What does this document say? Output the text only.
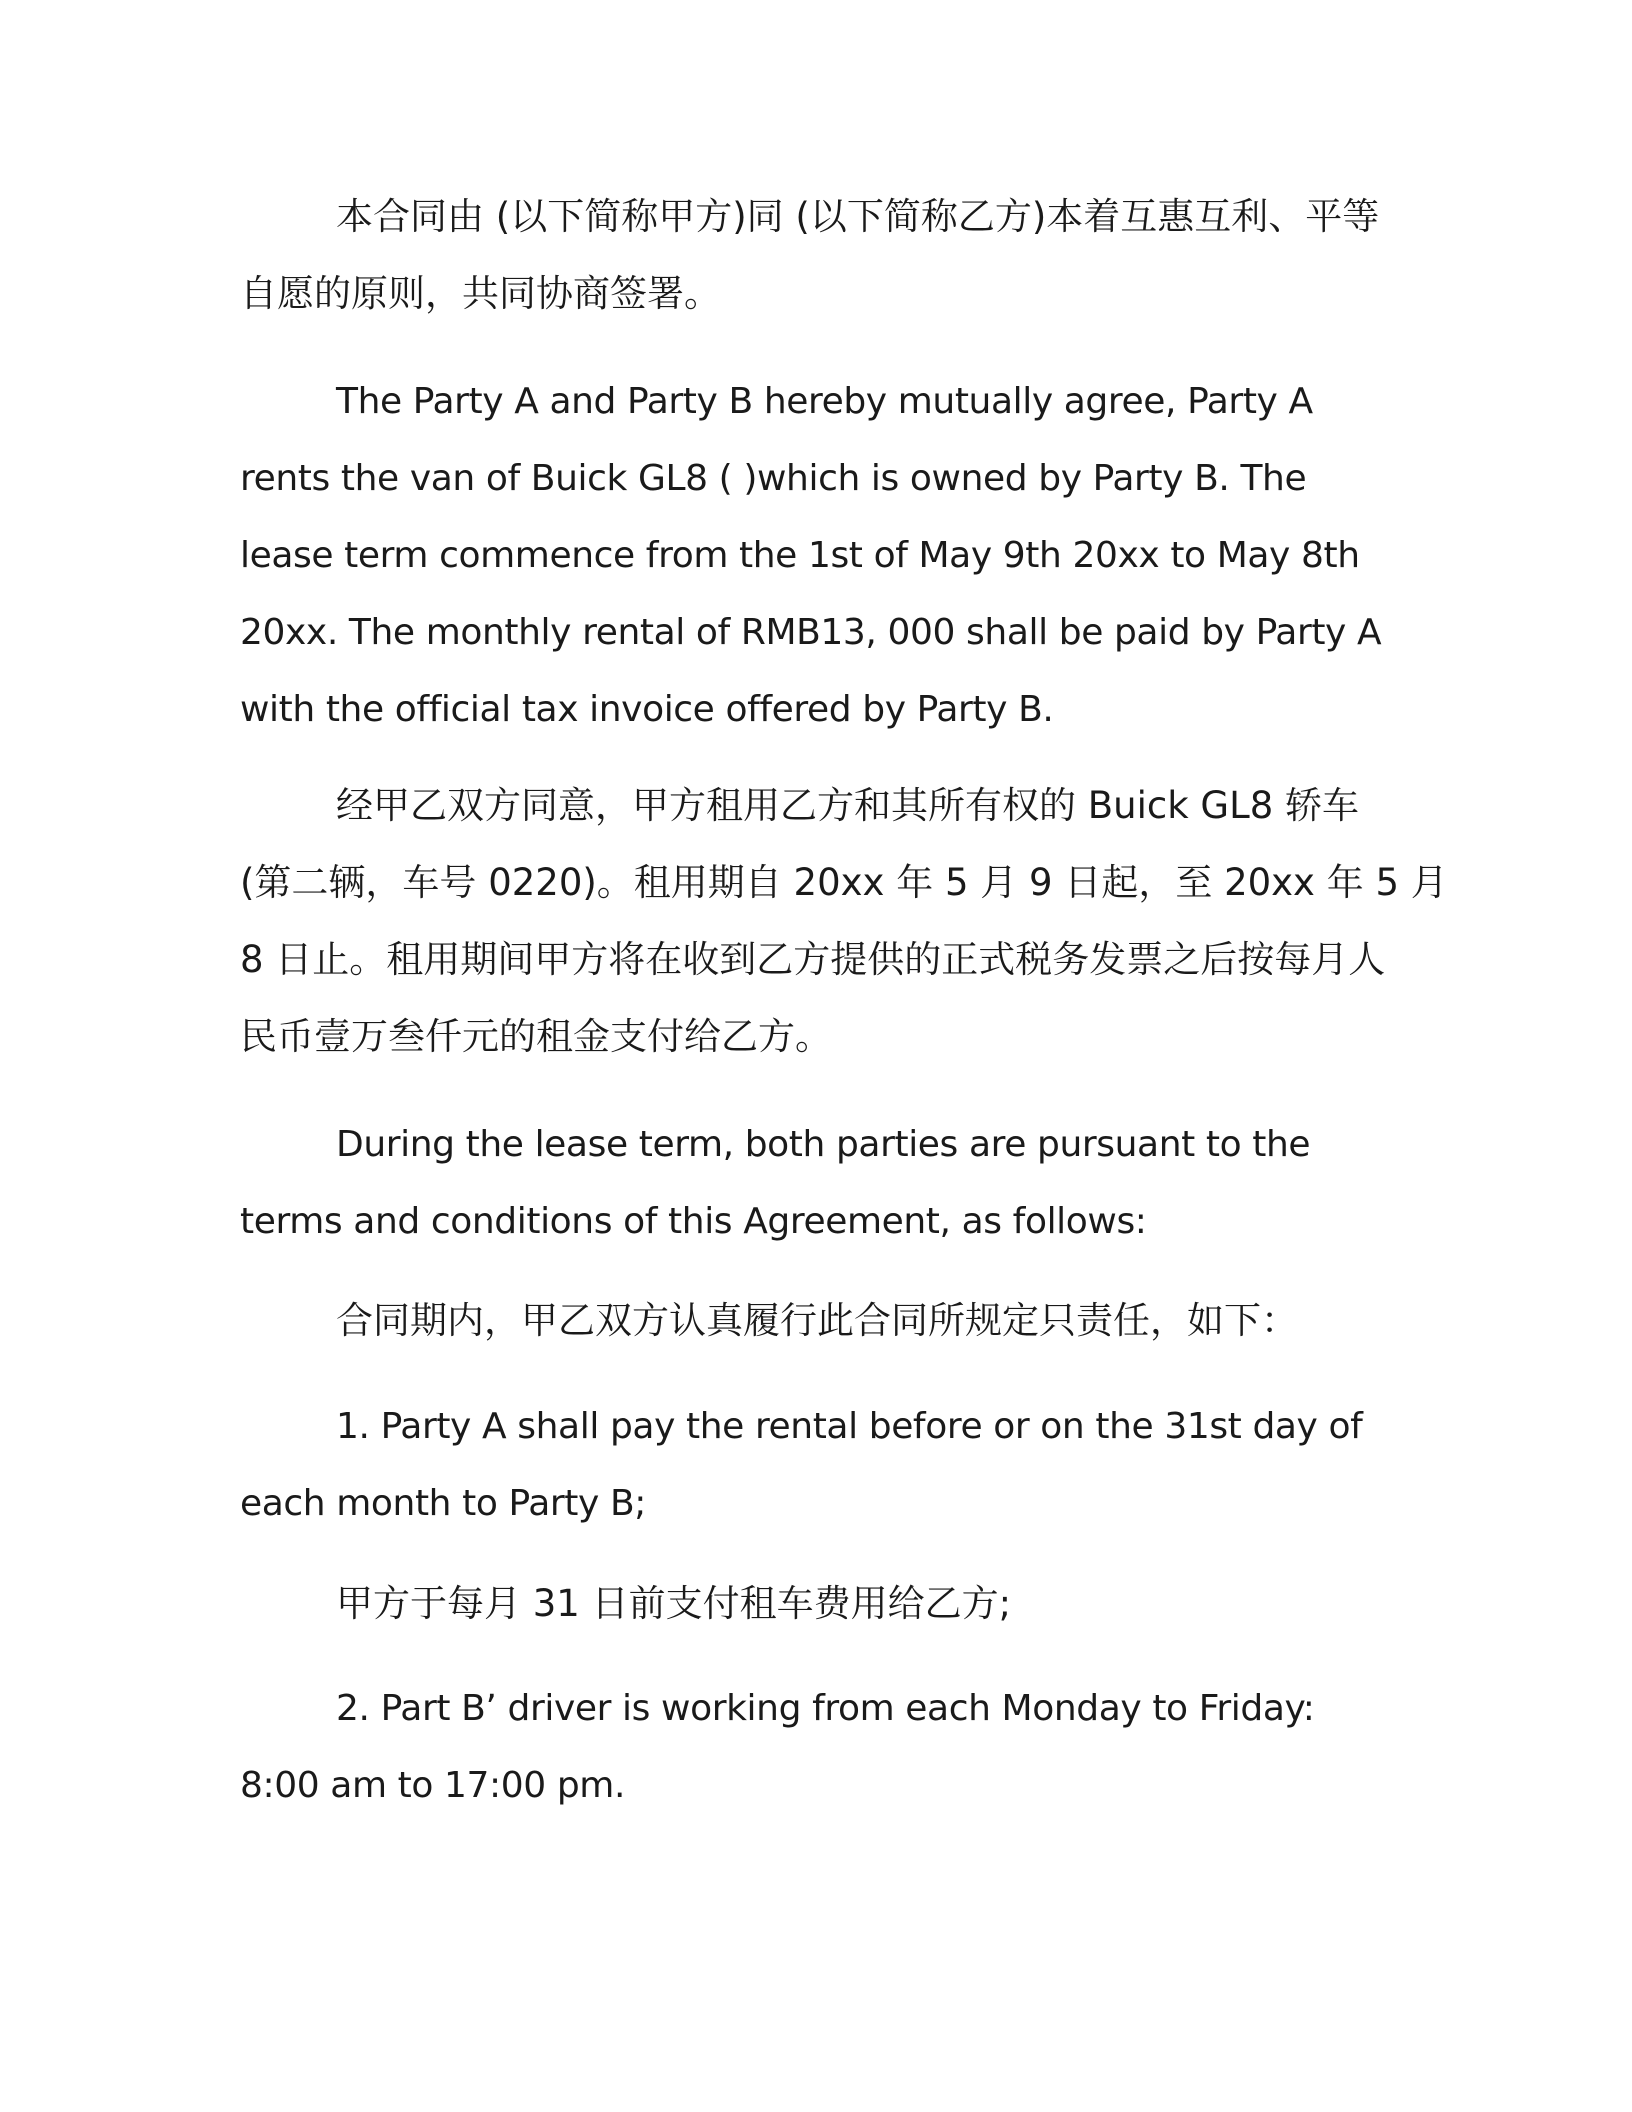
本合同由 (以下简称甲方)同 (以下简称乙方)本着互惠互利、平等
自愿的原则，共同协商签署。

The Party A and Party B hereby mutually agree, Party A
rents the van of Buick GL8 ( )which is owned by Party B. The
lease term commence from the 1st of May 9th 20xx to May 8th
20xx. The monthly rental of RMB13, 000 shall be paid by Party A
with the official tax invoice offered by Party B.

经甲乙双方同意，甲方租用乙方和其所有权的 Buick GL8 轿车
(第二辆，车号 0220)。租用期自 20xx 年 5 月 9 日起，至 20xx 年 5 月
8 日止。租用期间甲方将在收到乙方提供的正式税务发票之后按每月人
民币壹万叁仟元的租金支付给乙方。

During the lease term, both parties are pursuant to the
terms and conditions of this Agreement, as follows:

合同期内，甲乙双方认真履行此合同所规定只责任，如下：

1. Party A shall pay the rental before or on the 31st day of
each month to Party B;

甲方于每月 31 日前支付租车费用给乙方;

2. Part B’ driver is working from each Monday to Friday:
8:00 am to 17:00 pm.
